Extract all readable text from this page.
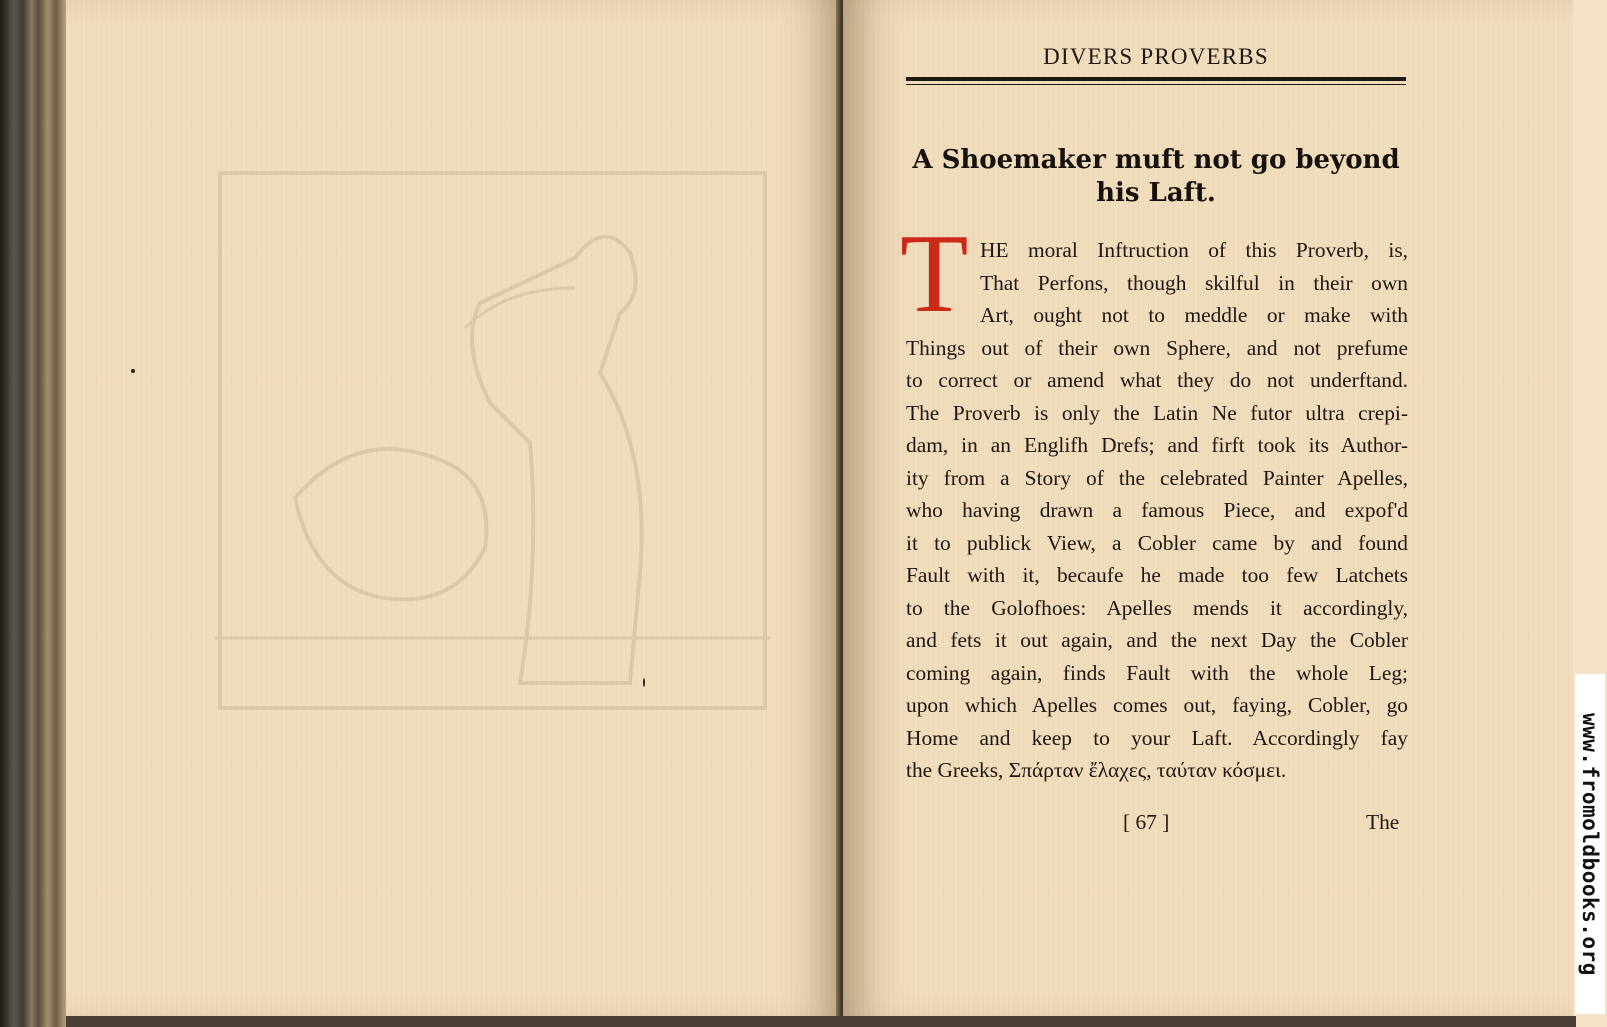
DIVERS PROVERBS
A Shoemaker muft not go beyond
his Laft.
T HE moral Inftruction of this Proverb, is,
That Perfons, though skilful in their own
Art, ought not to meddle or make with
Things out of their own Sphere, and not prefume
to correct or amend what they do not underftand.
The Proverb is only the Latin Ne futor ultra crepi-
dam, in an Englifh Drefs; and firft took its Author-
ity from a Story of the celebrated Painter Apelles,
who having drawn a famous Piece, and expof'd
it to publick View, a Cobler came by and found
Fault with it, becaufe he made too few Latchets
to the Golofhoes: Apelles mends it accordingly,
and fets it out again, and the next Day the Cobler
coming again, finds Fault with the whole Leg;
upon which Apelles comes out, faying, Cobler, go
Home and keep to your Laft. Accordingly fay
the Greeks, Σπάρταν ἔλαχες, ταύταν κόσμει.
[ 67 ]	The	www.fromoldbooks.org
